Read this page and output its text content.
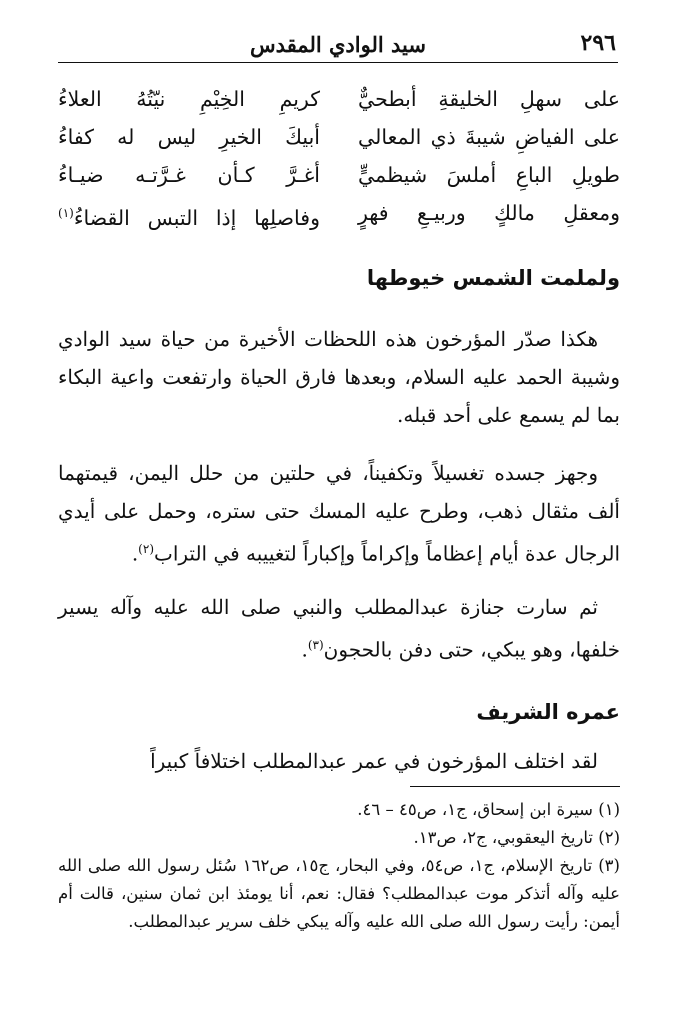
٢٩٦
سيد الوادي المقدس
على سهلِ الخليقةِ أبطحيٌّ
كريمِ الخِيْمِ نيّتُهُ العلاءُ
على الفياضِ شيبةَ ذي المعالي
أبيكَ الخيرِ ليس له كفاءُ
طويلِ الباعِ أملسَ شيظميٍّ
أغـرَّ كـأن غـرَّتـه ضيـاءُ
ومعقلِ مالكٍ وربيـعِ فهرٍ
وفاصلِها إذا التبس القضاءُ$^{(١)}$
ولملمت الشمس خيوطها

هكذا صدّر المؤرخون هذه اللحظات الأخيرة من حياة سيد الوادي وشيبة الحمد عليه السلام، وبعدها فارق الحياة وارتفعت واعية البكاء بما لم يسمع على أحد قبله.

وجهز جسده تغسيلاً وتكفيناً، في حلتين من حلل اليمن، قيمتهما ألف مثقال ذهب، وطرح عليه المسك حتى ستره، وحمل على أيدي الرجال عدة أيام إعظاماً وإكراماً وإكباراً لتغييبه في التراب$^{(٢)}$.

ثم سارت جنازة عبدالمطلب والنبي صلى الله عليه وآله يسير خلفها، وهو يبكي، حتى دفن بالحجون$^{(٣)}$.

عمره الشريف

لقد اختلف المؤرخون في عمر عبدالمطلب اختلافاً كبيراً

(١) سيرة ابن إسحاق، ج١، ص٤٥ – ٤٦.

(٢) تاريخ اليعقوبي، ج٢، ص١٣.

(٣) تاريخ الإسلام، ج١، ص٥٤، وفي البحار، ج١٥، ص١٦٢ سُئل رسول الله صلى الله عليه وآله أتذكر موت عبدالمطلب؟ فقال: نعم، أنا يومئذ ابن ثمان سنين، قالت أم أيمن: رأيت رسول الله صلى الله عليه وآله يبكي خلف سرير عبدالمطلب.
